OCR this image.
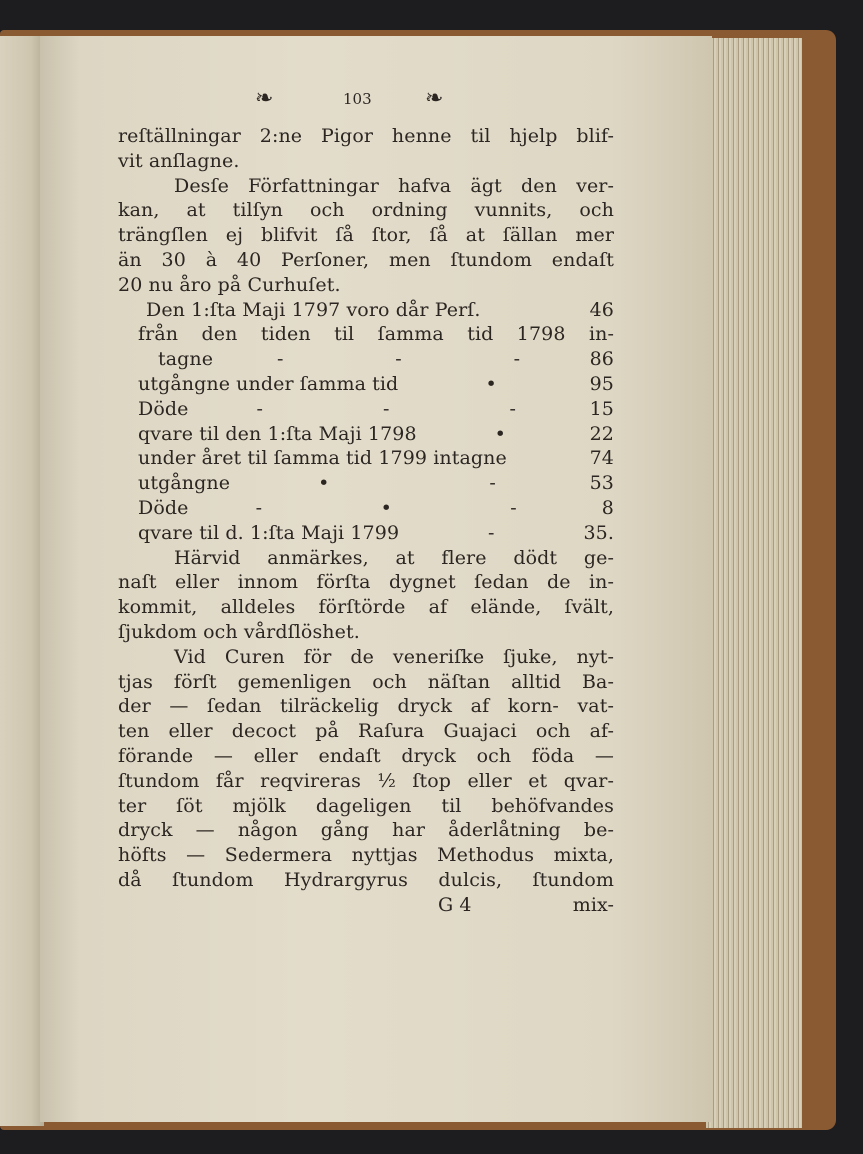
❧	103 ❧
reſtällningar 2:ne Pigor henne til hjelp blif-
vit anſlagne.
Desſe Författningar hafva ägt den ver-
kan, at tilſyn och ordning vunnits, och
trängſlen ej blifvit ſå ſtor, ſå at ſällan mer
än 30 à 40 Perſoner, men ſtundom endaſt
20 nu åro på Curhuſet.
Den 1:ſta Maji 1797 voro dår Perſ.	46
från den tiden til ſamma tid 1798 in-
tagne	-	-	-	86
utgångne under ſamma tid	•	95
Döde	-	-	-	15
qvare til den 1:ſta Maji 1798	•	22
under året til ſamma tid 1799 intagne	74
utgångne	•	-	53
Döde	-	•	-	8
qvare til d. 1:ſta Maji 1799	-	35.
Härvid anmärkes, at flere dödt ge-
naſt eller innom förſta dygnet ſedan de in-
kommit, alldeles förſtörde af elände, ſvält,
ſjukdom och vårdſlöshet.
Vid Curen för de veneriſke ſjuke, nyt-
tjas förſt gemenligen och näſtan alltid Ba-
der — ſedan tilräckelig dryck af korn- vat-
ten eller decoct på Raſura Guajaci och af-
förande — eller endaſt dryck och föda —
ſtundom får reqvireras ½ ſtop eller et qvar-
ter ſöt mjölk dageligen til behöfvandes
dryck — någon gång har åderlåtning be-
höfts — Sedermera nyttjas Methodus mixta,
då ſtundom Hydrargyrus dulcis, ſtundom
G 4	mix-
